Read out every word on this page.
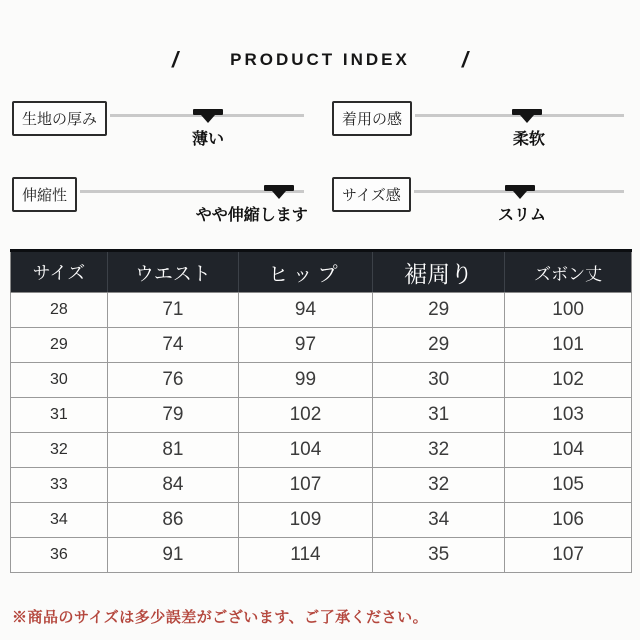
/	PRODUCT INDEX /
生地の厚み
薄い
着用の感
柔软
伸縮性
やや伸縮します
サイズ感
スリム
サイズ	ウエスト	ヒップ	裾周り	ズボン丈
28	71	94	29	100
29	74	97	29	101
30	76	99	30	102
31	79	102	31	103
32	81	104	32	104
33	84	107	32	105
34	86	109	34	106
36	91	114	35	107
※商品のサイズは多少誤差がございます、ご了承ください。
